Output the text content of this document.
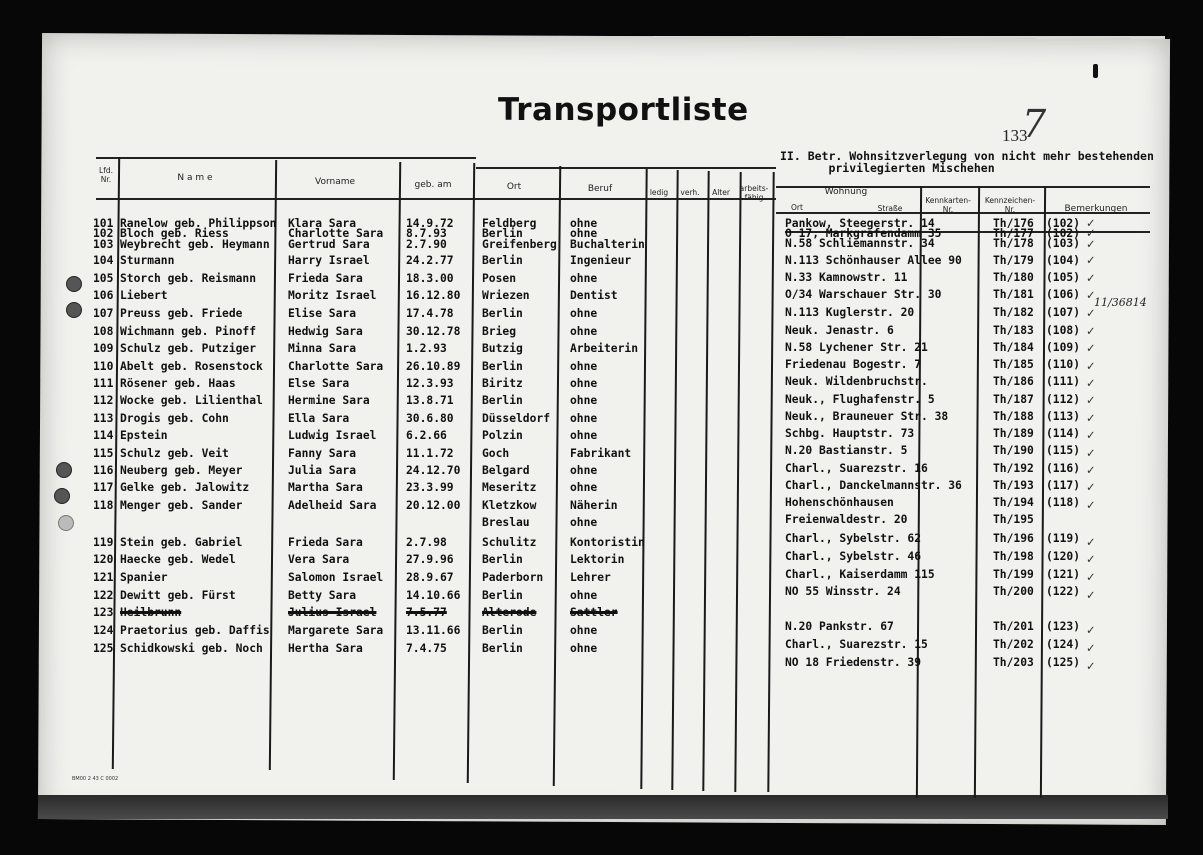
Transportliste
133
7
II. Betr. Wohnsitzverlegung von nicht mehr bestehenden
privilegierten Mischehen
Lfd.
Nr.	N a m e	Vorname	geb. am	Ort	Beruf	ledig	verh.	Alter	arbeits-
fähig
Wohnung
Ort	Straße
Kennkarten-
Nr.
Kennzeichen-
Nr.	Bemerkungen
101 Ranelow geb. Philippson Klara Sara	14.9.72	Feldberg	ohne	Pankow, Steegerstr. 14	Th/176 (102) ✓
102 Bloch geb. Riess	Charlotte Sara 8.7.93	Berlin	ohne	O 17, Markgrafendamm 35	Th/177 (102) ✓
103 Weybrecht geb. Heymann Gertrud Sara	2.7.90	Greifenberg Buchalterin	N.58 Schliemannstr. 34	Th/178 (103) ✓
104 Sturmann	Harry Israel	24.2.77	Berlin	Ingenieur	N.113 Schönhauser Allee 90	Th/179 (104) ✓
105 Storch geb. Reismann	Frieda Sara	18.3.00	Posen	ohne	N.33 Kamnowstr. 11	Th/180 (105) ✓
106 Liebert	Moritz Israel	16.12.80 Wriezen	Dentist	O/34 Warschauer Str. 30	Th/181 (106) ✓
107 Preuss geb. Friede	Elise Sara	17.4.78	Berlin	ohne	N.113 Kuglerstr. 20	Th/182 (107) ✓
108 Wichmann geb. Pinoff	Hedwig Sara	30.12.78 Brieg	ohne	Neuk. Jenastr. 6	Th/183 (108) ✓
109 Schulz geb. Putziger	Minna Sara	1.2.93	Butzig	Arbeiterin	N.58 Lychener Str. 21	Th/184 (109) ✓
110 Abelt geb. Rosenstock Charlotte Sara 26.10.89 Berlin	ohne	Friedenau Bogestr. 7	Th/185 (110) ✓
111 Rösener geb. Haas	Else Sara	12.3.93	Biritz	ohne	Neuk. Wildenbruchstr.	Th/186 (111) ✓
112 Wocke geb. Lilienthal Hermine Sara	13.8.71	Berlin	ohne	Neuk., Flughafenstr. 5	Th/187 (112) ✓
113 Drogis geb. Cohn	Ella Sara	30.6.80	Düsseldorf ohne	Neuk., Brauneuer Str. 38	Th/188 (113) ✓
114 Epstein	Ludwig Israel	6.2.66	Polzin	ohne	Schbg. Hauptstr. 73	Th/189 (114) ✓
115 Schulz geb. Veit	Fanny Sara	11.1.72	Goch	Fabrikant	N.20 Bastianstr. 5	Th/190 (115) ✓
116 Neuberg geb. Meyer	Julia Sara	24.12.70 Belgard	ohne	Charl., Suarezstr. 16	Th/192 (116) ✓
117 Gelke geb. Jalowitz	Martha Sara	23.3.99	Meseritz	ohne	Charl., Danckelmannstr. 36	Th/193 (117) ✓
118 Menger geb. Sander	Adelheid Sara	20.12.00 Kletzkow	Näherin	Hohenschönhausen	Th/194 (118) ✓
Breslau	ohne	Freienwaldestr. 20	Th/195
119 Stein geb. Gabriel	Frieda Sara	2.7.98	Schulitz	Kontoristin	Charl., Sybelstr. 62	Th/196 (119) ✓
120 Haecke geb. Wedel	Vera Sara	27.9.96	Berlin	Lektorin	Charl., Sybelstr. 46	Th/198 (120) ✓
121 Spanier	Salomon Israel 28.9.67	Paderborn Lehrer	Charl., Kaiserdamm 115	Th/199 (121) ✓
122 Dewitt geb. Fürst	Betty Sara	14.10.66 Berlin	ohne	NO 55 Winsstr. 24	Th/200 (122) ✓
123 Heilbrunn	Julius Israel	7.5.77	Alterode	Sattler
124 Praetorius geb. Daffis Margarete Sara 13.11.66 Berlin	ohne	N.20 Pankstr. 67	Th/201 (123) ✓
125 Schidkowski geb. Noch Hertha Sara	7.4.75	Berlin	ohne	Charl., Suarezstr. 15	Th/202 (124) ✓
NO 18 Friedenstr. 39	Th/203 (125) ✓
BM00 2 43 C 0002
11/36814
